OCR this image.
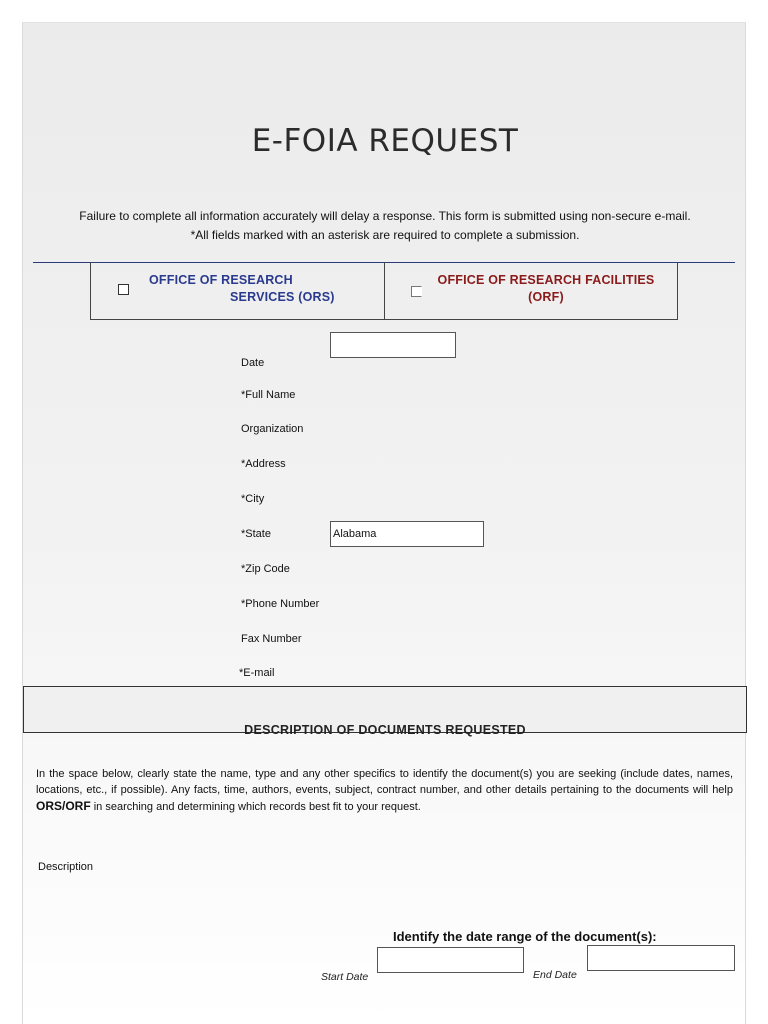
E-FOIA REQUEST
Failure to complete all information accurately will delay a response. This form is submitted using non-secure e-mail.
*All fields marked with an asterisk are required to complete a submission.
OFFICE OF RESEARCH
SERVICES (ORS)
OFFICE OF RESEARCH FACILITIES
(ORF)
Date
*Full Name
Organization
*Address
*City
*State	Alabama
*Zip Code
*Phone Number
Fax Number
*E-mail
DESCRIPTION OF DOCUMENTS REQUESTED
In the space below, clearly state the name, type and any other specifics to identify the document(s) you are seeking (include dates, names, locations, etc., if possible). Any facts, time, authors, events, subject, contract number, and other details pertaining to the documents will help ORS/ORF in searching and determining which records best fit to your request.
Description
Identify the date range of the document(s):
Start Date	End Date
